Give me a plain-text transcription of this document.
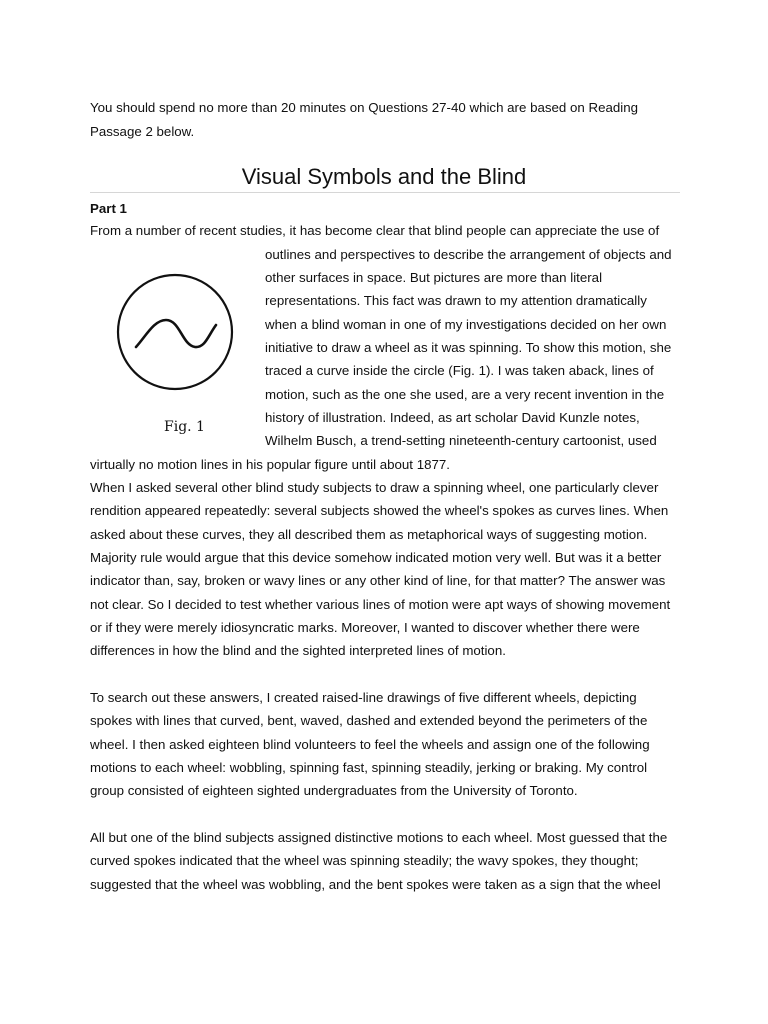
You should spend no more than 20 minutes on Questions 27-40 which are based on Reading
Passage 2 below.
Visual Symbols and the Blind
Part 1
From a number of recent studies, it has become clear that blind people can appreciate the use of
outlines and perspectives to describe the arrangement of objects and
other surfaces in space. But pictures are more than literal
representations. This fact was drawn to my attention dramatically
when a blind woman in one of my investigations decided on her own
initiative to draw a wheel as it was spinning. To show this motion, she
traced a curve inside the circle (Fig. 1). I was taken aback, lines of
motion, such as the one she used, are a very recent invention in the
history of illustration. Indeed, as art scholar David Kunzle notes,
Wilhelm Busch, a trend-setting nineteenth-century cartoonist, used
virtually no motion lines in his popular figure until about 1877.
Fig. 1
When I asked several other blind study subjects to draw a spinning wheel, one particularly clever
rendition appeared repeatedly: several subjects showed the wheel's spokes as curves lines. When
asked about these curves, they all described them as metaphorical ways of suggesting motion.
Majority rule would argue that this device somehow indicated motion very well. But was it a better
indicator than, say, broken or wavy lines or any other kind of line, for that matter? The answer was
not clear. So I decided to test whether various lines of motion were apt ways of showing movement
or if they were merely idiosyncratic marks. Moreover, I wanted to discover whether there were
differences in how the blind and the sighted interpreted lines of motion.
To search out these answers, I created raised-line drawings of five different wheels, depicting
spokes with lines that curved, bent, waved, dashed and extended beyond the perimeters of the
wheel. I then asked eighteen blind volunteers to feel the wheels and assign one of the following
motions to each wheel: wobbling, spinning fast, spinning steadily, jerking or braking. My control
group consisted of eighteen sighted undergraduates from the University of Toronto.
All but one of the blind subjects assigned distinctive motions to each wheel. Most guessed that the
curved spokes indicated that the wheel was spinning steadily; the wavy spokes, they thought;
suggested that the wheel was wobbling, and the bent spokes were taken as a sign that the wheel
